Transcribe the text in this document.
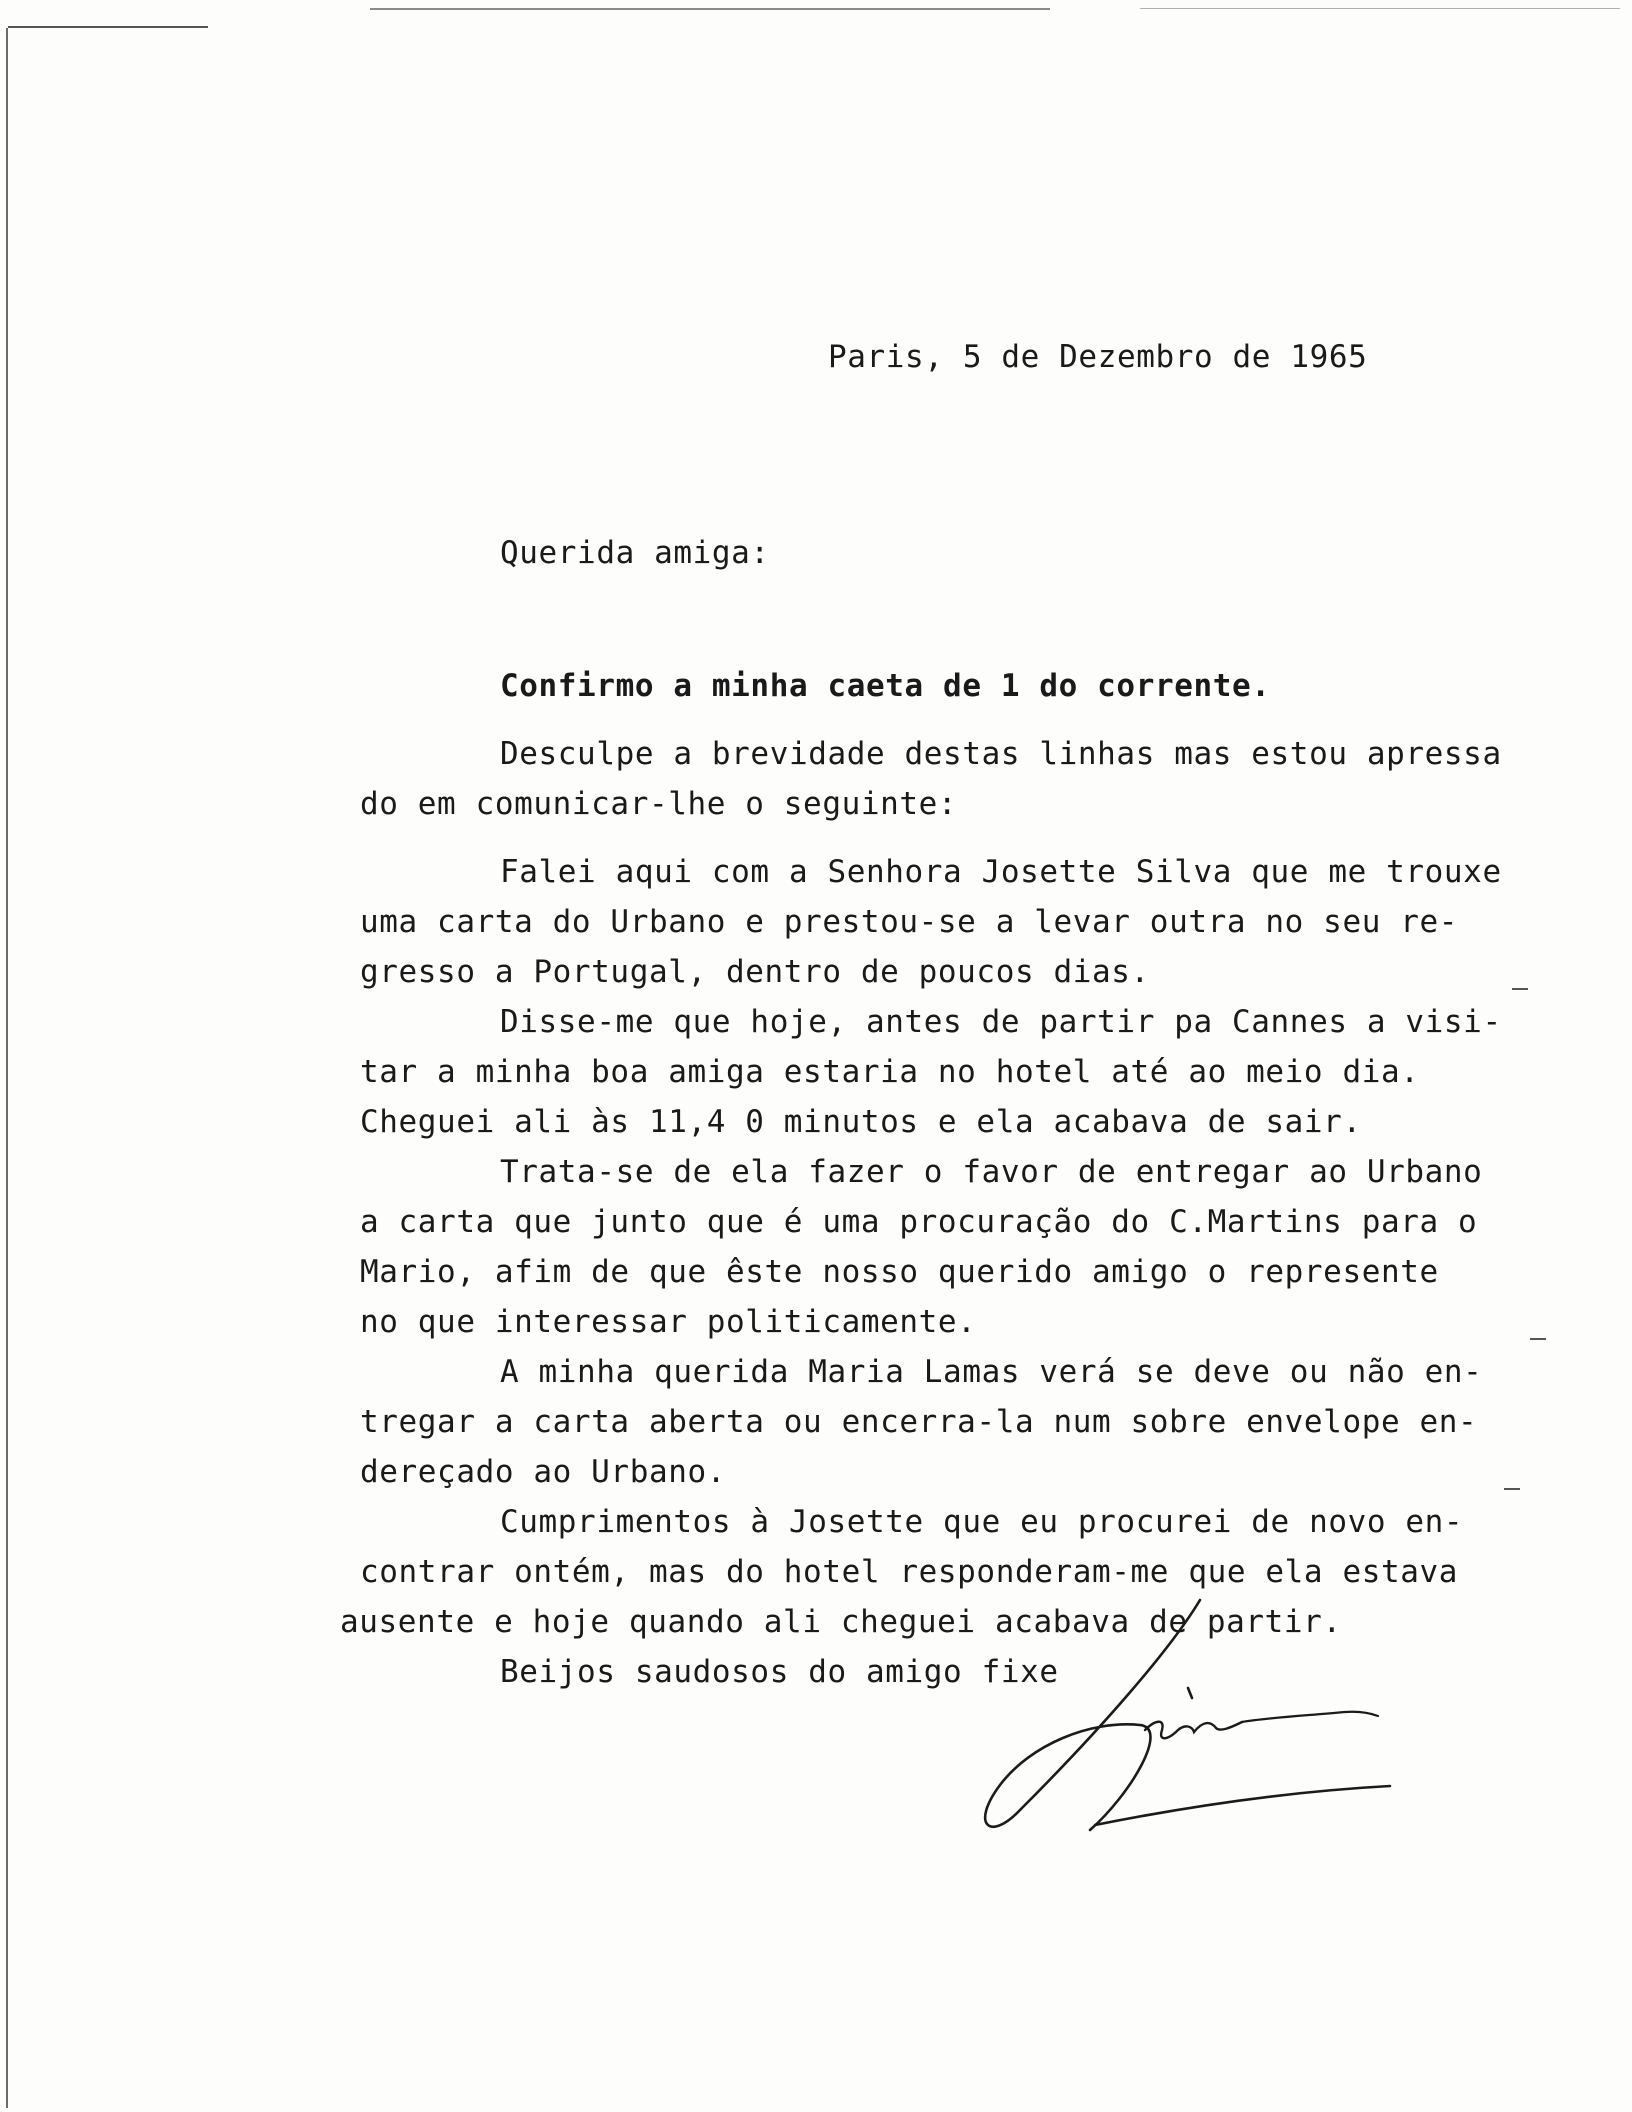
Paris, 5 de Dezembro de 1965
Querida amiga:
Confirmo a minha caeta de 1 do corrente.
Desculpe a brevidade destas linhas mas estou apressa
do em comunicar-lhe o seguinte:
Falei aqui com a Senhora Josette Silva que me trouxe
uma carta do Urbano e prestou-se a levar outra no seu re-
gresso a Portugal, dentro de poucos dias.
Disse-me que hoje, antes de partir pa Cannes a visi-
tar a minha boa amiga estaria no hotel até ao meio dia.
Cheguei ali às 11,4 0 minutos e ela acabava de sair.
Trata-se de ela fazer o favor de entregar ao Urbano
a carta que junto que é uma procuração do C.Martins para o
Mario, afim de que êste nosso querido amigo o represente
no que interessar politicamente.
A minha querida Maria Lamas verá se deve ou não en-
tregar a carta aberta ou encerra-la num sobre envelope en-
dereçado ao Urbano.
Cumprimentos à Josette que eu procurei de novo en-
contrar ontém, mas do hotel responderam-me que ela estava
ausente e hoje quando ali cheguei acabava de partir.
Beijos saudosos do amigo fixe
